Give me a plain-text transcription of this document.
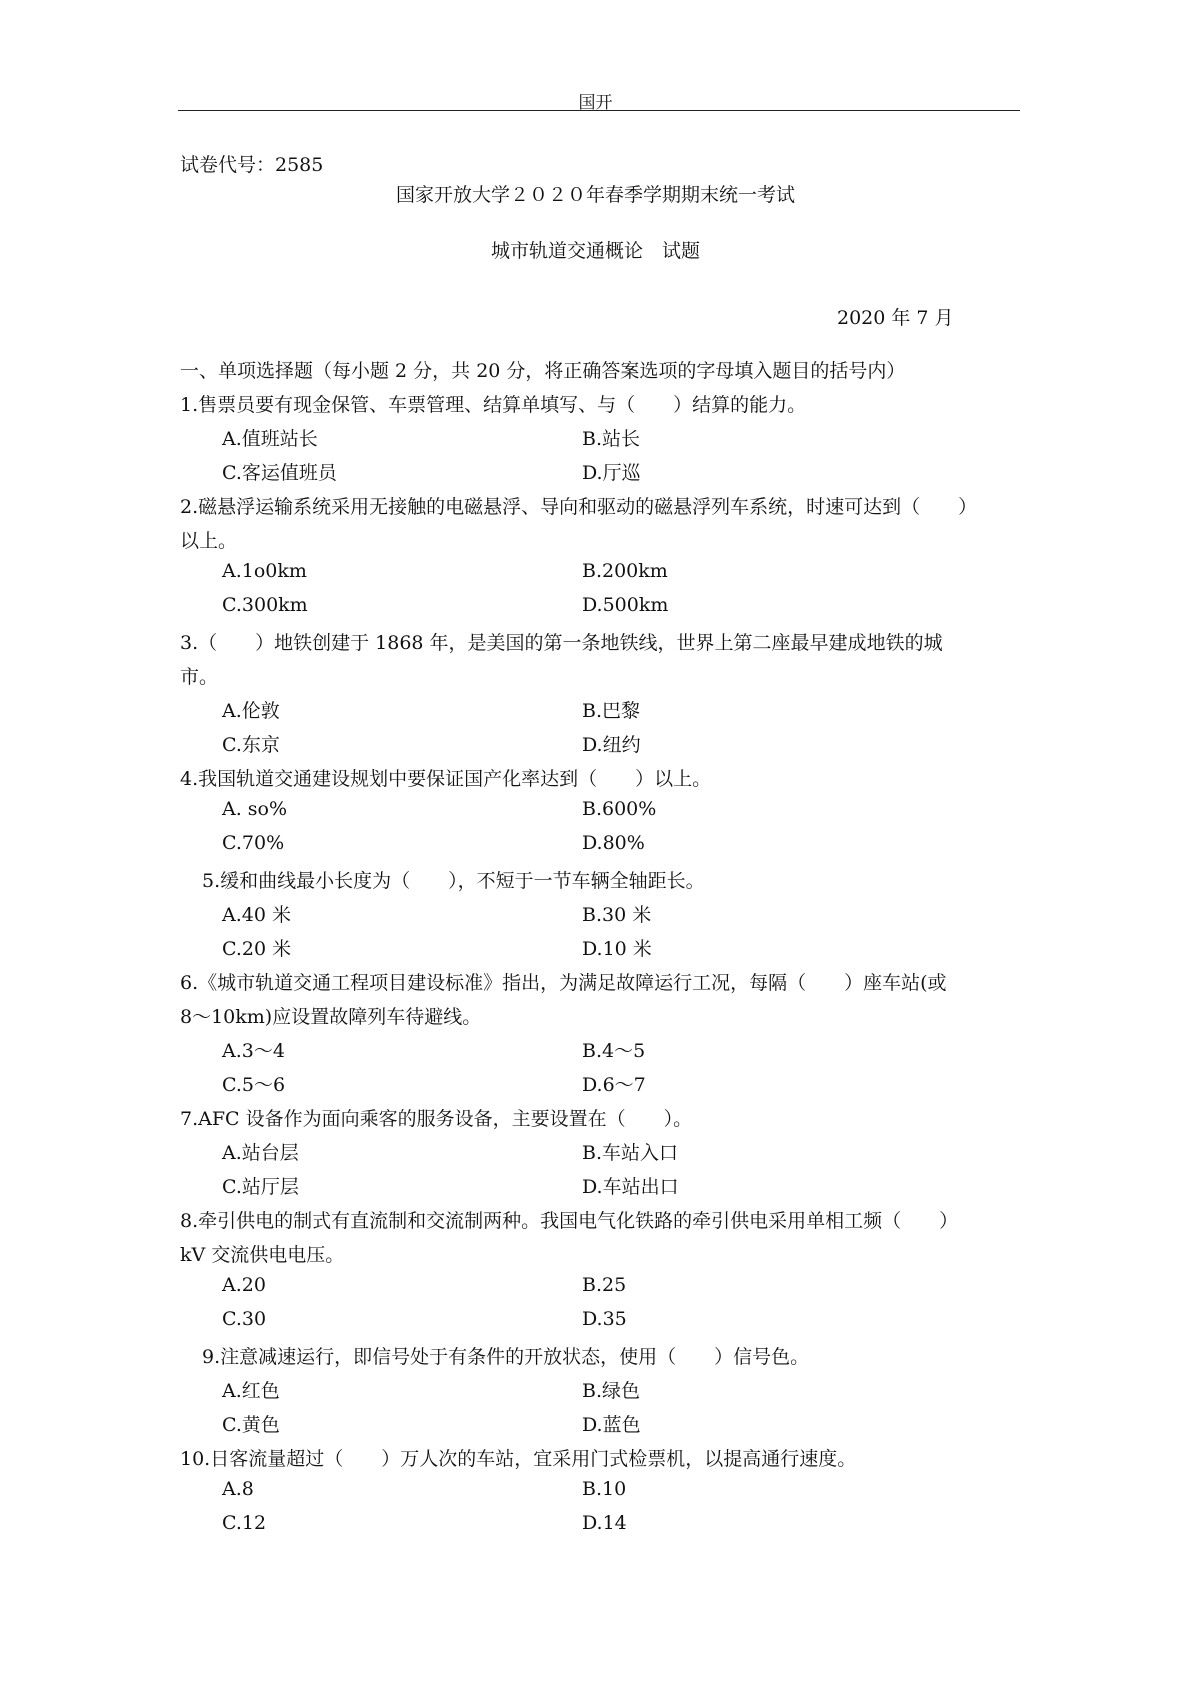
国开
试卷代号：2585
国家开放大学２０２０年春季学期期末统一考试
城市轨道交通概论　试题
2020 年 7 月
一、单项选择题（每小题 2 分，共 20 分，将正确答案选项的字母填入题目的括号内）
1.售票员要有现金保管、车票管理、结算单填写、与（　　）结算的能力。
A.值班站长	B.站长
C.客运值班员	D.厅巡
2.磁悬浮运输系统采用无接触的电磁悬浮、导向和驱动的磁悬浮列车系统，时速可达到（　　）
以上。
A.1o0km	B.200km
C.300km	D.500km
3.（　　）地铁创建于 1868 年，是美国的第一条地铁线，世界上第二座最早建成地铁的城
市。
A.伦敦	B.巴黎
C.东京	D.纽约
4.我国轨道交通建设规划中要保证国产化率达到（　　）以上。
A. so%	B.600%
C.70%	D.80%
5.缓和曲线最小长度为（　　），不短于一节车辆全轴距长。
A.40 米	B.30 米
C.20 米	D.10 米
6.《城市轨道交通工程项目建设标准》指出，为满足故障运行工况，每隔（　　）座车站(或
8～10km)应设置故障列车待避线。
A.3～4	B.4～5
C.5～6	D.6～7
7.AFC 设备作为面向乘客的服务设备，主要设置在（　　）。
A.站台层	B.车站入口
C.站厅层	D.车站出口
8.牵引供电的制式有直流制和交流制两种。我国电气化铁路的牵引供电采用单相工频（　　）
kV 交流供电电压。
A.20	B.25
C.30	D.35
9.注意减速运行，即信号处于有条件的开放状态，使用（　　）信号色。
A.红色	B.绿色
C.黄色	D.蓝色
10.日客流量超过（　　）万人次的车站，宜采用门式检票机，以提高通行速度。
A.8	B.10
C.12	D.14
